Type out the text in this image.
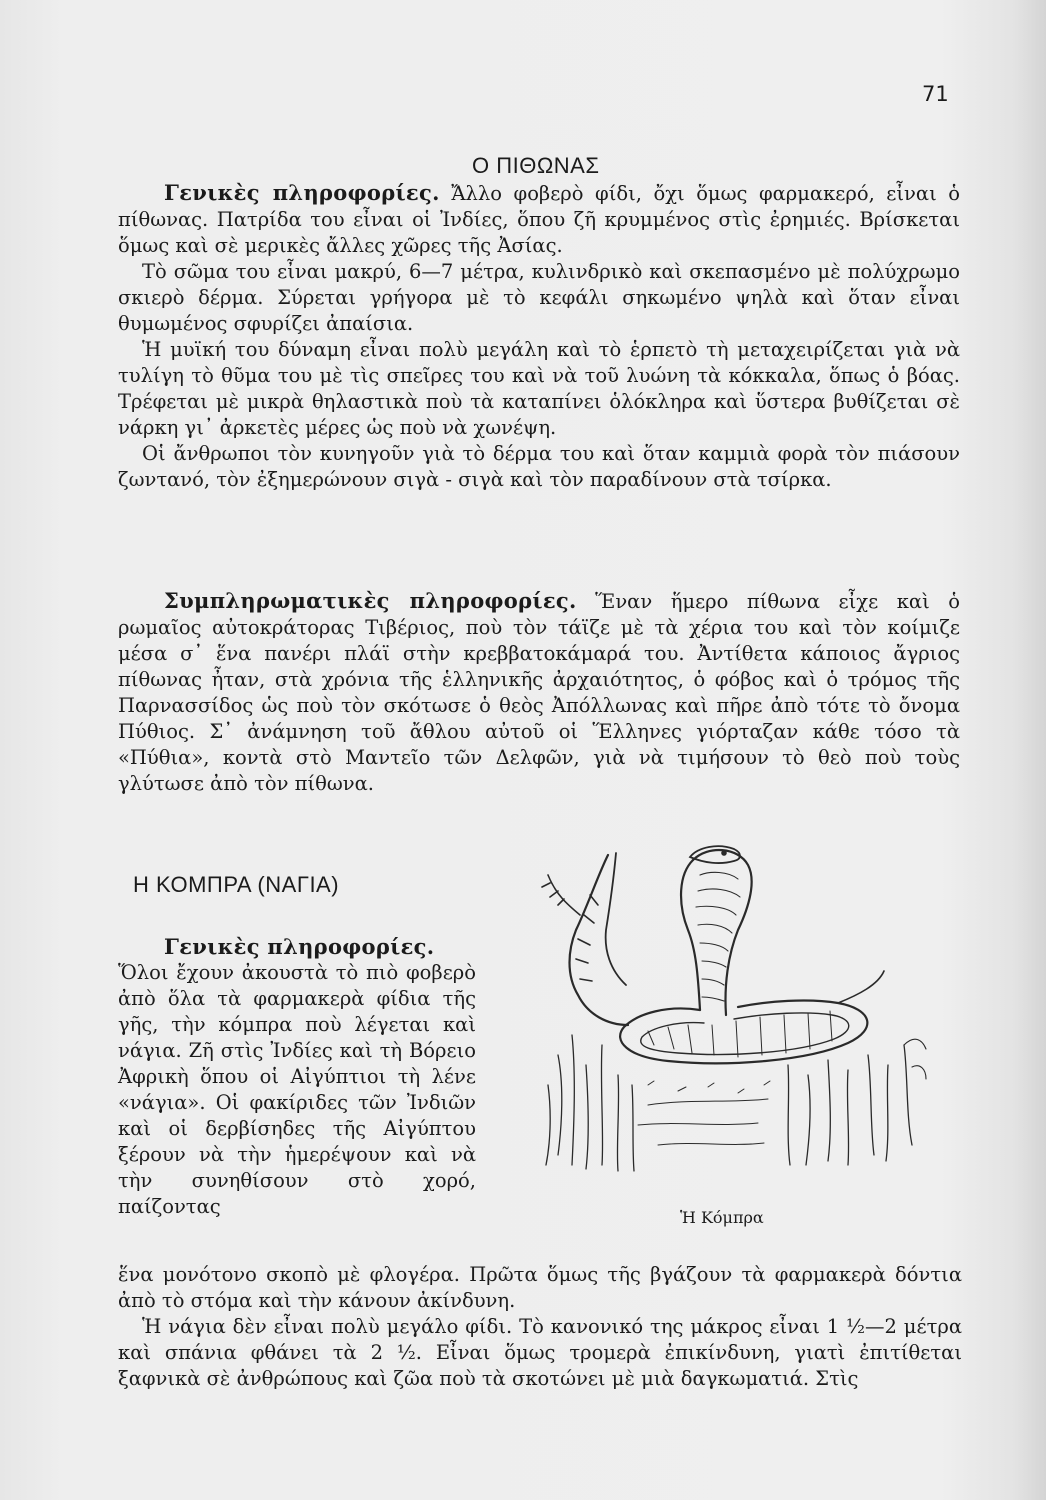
71
Ο ΠΙΘΩΝΑΣ

Γενικὲς πληροφορίες. Ἄλλο φοβερὸ φίδι, ὄχι ὅμως φαρμακερό, εἶναι ὁ πίθωνας. Πατρίδα του εἶναι οἱ Ἰνδίες, ὅπου ζῆ κρυμμένος στὶς ἐρημιές. Βρίσκεται ὅμως καὶ σὲ μερικὲς ἄλλες χῶρες τῆς Ἀσίας.

Τὸ σῶμα του εἶναι μακρύ, 6—7 μέτρα, κυλινδρικὸ καὶ σκεπασμένο μὲ πολύχρωμο σκιερὸ δέρμα. Σύρεται γρήγορα μὲ τὸ κεφάλι σηκωμένο ψηλὰ καὶ ὅταν εἶναι θυμωμένος σφυρίζει ἀπαίσια.

Ἡ μυϊκή του δύναμη εἶναι πολὺ μεγάλη καὶ τὸ ἑρπετὸ τὴ μεταχειρίζεται γιὰ νὰ τυλίγη τὸ θῦμα του μὲ τὶς σπεῖρες του καὶ νὰ τοῦ λυώνη τὰ κόκκαλα, ὅπως ὁ βόας. Τρέφεται μὲ μικρὰ θηλαστικὰ ποὺ τὰ καταπίνει ὁλόκληρα καὶ ὕστερα βυθίζεται σὲ νάρκη γι᾿ ἀρκετὲς μέρες ὡς ποὺ νὰ χωνέψη.

Οἱ ἄνθρωποι τὸν κυνηγοῦν γιὰ τὸ δέρμα του καὶ ὅταν καμμιὰ φορὰ τὸν πιάσουν ζωντανό, τὸν ἐξημερώνουν σιγὰ - σιγὰ καὶ τὸν παραδίνουν στὰ τσίρκα.

Συμπληρωματικὲς πληροφορίες. Ἕναν ἥμερο πίθωνα εἶχε καὶ ὁ ρωμαῖος αὐτοκράτορας Τιβέριος, ποὺ τὸν τάϊζε μὲ τὰ χέρια του καὶ τὸν κοίμιζε μέσα σ᾿ ἕνα πανέρι πλάϊ στὴν κρεββατοκάμαρά του. Ἀντίθετα κάποιος ἄγριος πίθωνας ἦταν, στὰ χρόνια τῆς ἑλληνικῆς ἀρχαιότητος, ὁ φόβος καὶ ὁ τρόμος τῆς Παρνασσίδος ὡς ποὺ τὸν σκότωσε ὁ θεὸς Ἀπόλλωνας καὶ πῆρε ἀπὸ τότε τὸ ὄνομα Πύθιος. Σ᾿ ἀνάμνηση τοῦ ἄθλου αὐτοῦ οἱ Ἕλληνες γιόρταζαν κάθε τόσο τὰ «Πύθια», κοντὰ στὸ Μαντεῖο τῶν Δελφῶν, γιὰ νὰ τιμήσουν τὸ θεὸ ποὺ τοὺς γλύτωσε ἀπὸ τὸν πίθωνα.

Η ΚΟΜΠΡΑ (ΝΑΓΙΑ)
Γενικὲς πληροφορίες.

Ὅλοι ἔχουν ἀκουστὰ τὸ πιὸ φοβερὸ ἀπὸ ὅλα τὰ φαρμακερὰ φίδια τῆς γῆς, τὴν κόμπρα ποὺ λέγεται καὶ νάγια. Ζῆ στὶς Ἰνδίες καὶ τὴ Βόρειο Ἀφρικὴ ὅπου οἱ Αἰγύπτιοι τὴ λένε «νάγια». Οἱ φακίριδες τῶν Ἰνδιῶν καὶ οἱ δερβίσηδες τῆς Αἰγύπτου ξέρουν νὰ τὴν ἡμερέψουν καὶ νὰ τὴν συνηθίσουν στὸ χορό, παίζοντας	Ἡ Κόμπρα

ἕνα μονότονο σκοπὸ μὲ φλογέρα. Πρῶτα ὅμως τῆς βγάζουν τὰ φαρμακερὰ δόντια ἀπὸ τὸ στόμα καὶ τὴν κάνουν ἀκίνδυνη.

Ἡ νάγια δὲν εἶναι πολὺ μεγάλο φίδι. Τὸ κανονικό της μάκρος εἶναι 1 ½—2 μέτρα καὶ σπάνια φθάνει τὰ 2 ½. Εἶναι ὅμως τρομερὰ ἐπικίνδυνη, γιατὶ ἐπιτίθεται ξαφνικὰ σὲ ἀνθρώπους καὶ ζῶα ποὺ τὰ σκοτώνει μὲ μιὰ δαγκωματιά. Στὶς
